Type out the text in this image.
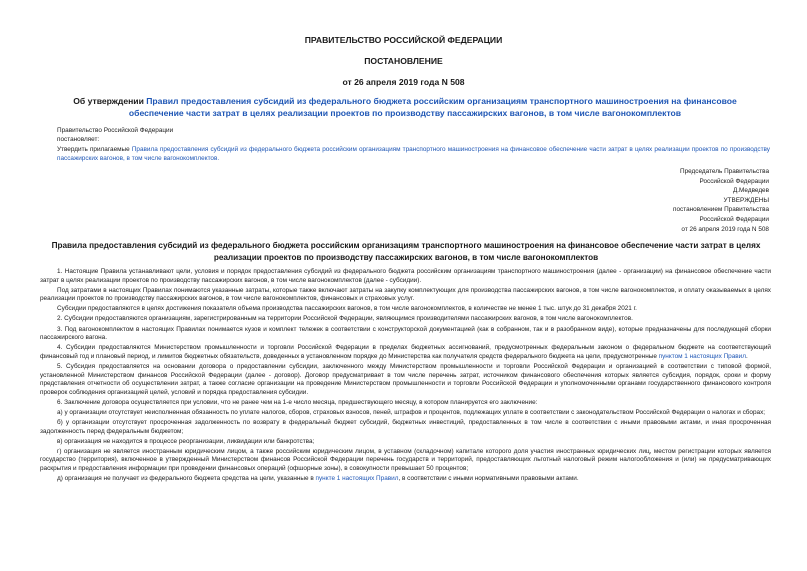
ПРАВИТЕЛЬСТВО РОССИЙСКОЙ ФЕДЕРАЦИИ
ПОСТАНОВЛЕНИЕ
от 26 апреля 2019 года N 508
Об утверждении Правил предоставления субсидий из федерального бюджета российским организациям транспортного машиностроения на финансовое обеспечение части затрат в целях реализации проектов по производству пассажирских вагонов, в том числе вагонокомплектов
Правительство Российской Федерации
постановляет:
Утвердить прилагаемые Правила предоставления субсидий из федерального бюджета российским организациям транспортного машиностроения на финансовое обеспечение части затрат в целях реализации проектов по производству пассажирских вагонов, в том числе вагонокомплектов.
Председатель Правительства
Российской Федерации
Д.Медведев
УТВЕРЖДЕНЫ
постановлением Правительства
Российской Федерации
от 26 апреля 2019 года N 508
Правила предоставления субсидий из федерального бюджета российским организациям транспортного машиностроения на финансовое обеспечение части затрат в целях реализации проектов по производству пассажирских вагонов, в том числе вагонокомплектов

1. Настоящие Правила устанавливают цели, условия и порядок предоставления субсидий из федерального бюджета российским организациям транспортного машиностроения (далее - организации) на финансовое обеспечение части затрат в целях реализации проектов по производству пассажирских вагонов, в том числе вагонокомплектов (далее - субсидии).

Под затратами в настоящих Правилах понимаются указанные затраты, которые также включают затраты на закупку комплектующих для производства пассажирских вагонов, в том числе вагонокомплектов, и оплату оказываемых в целях реализации проектов по производству пассажирских вагонов, в том числе вагонокомплектов, финансовых и страховых услуг.

Субсидии предоставляются в целях достижения показателя объема производства пассажирских вагонов, в том числе вагонокомплектов, в количестве не менее 1 тыс. штук до 31 декабря 2021 г.

2. Субсидии предоставляются организациям, зарегистрированным на территории Российской Федерации, являющимся производителями пассажирских вагонов, в том числе вагонокомплектов.

3. Под вагонокомплектом в настоящих Правилах понимается кузов и комплект тележек в соответствии с конструкторской документацией (как в собранном, так и в разобранном виде), которые предназначены для последующей сборки пассажирского вагона.

4. Субсидии предоставляются Министерством промышленности и торговли Российской Федерации в пределах бюджетных ассигнований, предусмотренных федеральным законом о федеральном бюджете на соответствующий финансовый год и плановый период, и лимитов бюджетных обязательств, доведенных в установленном порядке до Министерства как получателя средств федерального бюджета на цели, предусмотренные пунктом 1 настоящих Правил.

5. Субсидия предоставляется на основании договора о предоставлении субсидии, заключенного между Министерством промышленности и торговли Российской Федерации и организацией в соответствии с типовой формой, установленной Министерством финансов Российской Федерации (далее - договор). Договор предусматривает в том числе перечень затрат, источником финансового обеспечения которых является субсидия, порядок, сроки и форму представления отчетности об осуществлении затрат, а также согласие организации на проведение Министерством промышленности и торговли Российской Федерации и уполномоченными органами государственного финансового контроля проверок соблюдения организацией целей, условий и порядка предоставления субсидии.

6. Заключение договора осуществляется при условии, что не ранее чем на 1-е число месяца, предшествующего месяцу, в котором планируется его заключение:

а) у организации отсутствует неисполненная обязанность по уплате налогов, сборов, страховых взносов, пеней, штрафов и процентов, подлежащих уплате в соответствии с законодательством Российской Федерации о налогах и сборах;

б) у организации отсутствует просроченная задолженность по возврату в федеральный бюджет субсидий, бюджетных инвестиций, предоставленных в том числе в соответствии с иными правовыми актами, и иная просроченная задолженность перед федеральным бюджетом;

в) организация не находится в процессе реорганизации, ликвидации или банкротства;

г) организация не является иностранным юридическим лицом, а также российским юридическим лицом, в уставном (складочном) капитале которого доля участия иностранных юридических лиц, местом регистрации которых является государство (территория), включенное в утвержденный Министерством финансов Российской Федерации перечень государств и территорий, предоставляющих льготный налоговый режим налогообложения и (или) не предусматривающих раскрытия и предоставления информации при проведении финансовых операций (офшорные зоны), в совокупности превышает 50 процентов;

д) организация не получает из федерального бюджета средства на цели, указанные в пункте 1 настоящих Правил, в соответствии с иными нормативными правовыми актами.
